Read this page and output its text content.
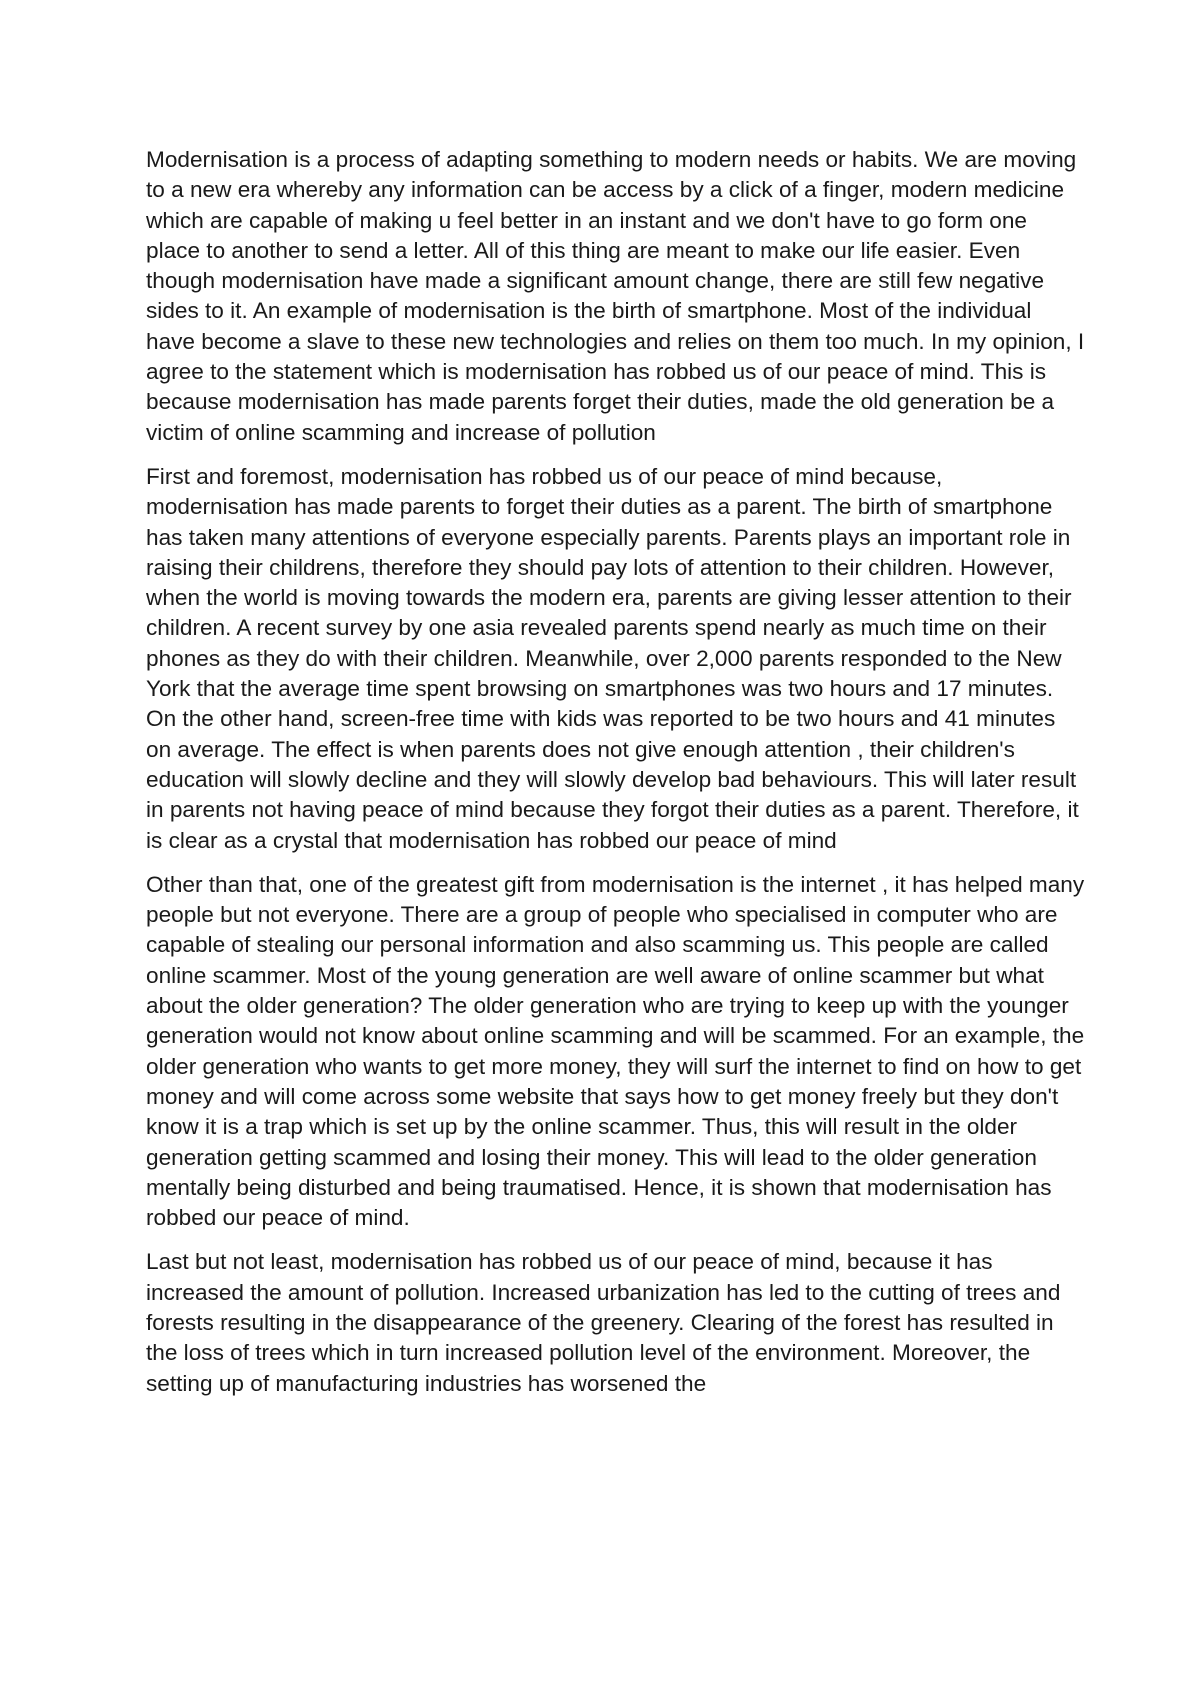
Modernisation is a process of adapting something to modern needs or habits. We are moving to a new era whereby any information can be access by a click of a finger, modern medicine which are capable of making u feel better in an instant and we don't have to go form one place to another to send a letter. All of this thing are meant to make our life easier. Even though modernisation have made a significant amount change, there are still few negative sides to it. An example of modernisation is the birth of smartphone. Most of the individual have become a slave to these new technologies and relies on them too much. In my opinion, I agree to the statement which is modernisation has robbed us of our peace of mind. This is because modernisation has made parents forget their duties, made the old generation be a victim of online scamming and increase of pollution

First and foremost, modernisation has robbed us of our peace of mind because, modernisation has made parents to forget their duties as a parent. The birth of smartphone has taken many attentions of everyone especially parents. Parents plays an important role in raising their childrens, therefore they should pay lots of attention to their children. However, when the world is moving towards the modern era, parents are giving lesser attention to their children. A recent survey by one asia revealed parents spend nearly as much time on their phones as they do with their children. Meanwhile, over 2,000 parents responded to the New York that the average time spent browsing on smartphones was two hours and 17 minutes. On the other hand, screen-free time with kids was reported to be two hours and 41 minutes on average. The effect is when parents does not give enough attention , their children's education will slowly decline and they will slowly develop bad behaviours. This will later result in parents not having peace of mind because they forgot their duties as a parent. Therefore, it is clear as a crystal that modernisation has robbed our peace of mind

Other than that, one of the greatest gift from modernisation is the internet , it has helped many people but not everyone. There are a group of people who specialised in computer who are capable of stealing our personal information and also scamming us. This people are called online scammer. Most of the young generation are well aware of online scammer but what about the older generation? The older generation who are trying to keep up with the younger generation would not know about online scamming and will be scammed. For an example, the older generation who wants to get more money, they will surf the internet to find on how to get money and will come across some website that says how to get money freely but they don't know it is a trap which is set up by the online scammer. Thus, this will result in the older generation getting scammed and losing their money. This will lead to the older generation mentally being disturbed and being traumatised. Hence, it is shown that modernisation has robbed our peace of mind.

Last but not least, modernisation has robbed us of our peace of mind, because it has increased the amount of pollution. Increased urbanization has led to the cutting of trees and forests resulting in the disappearance of the greenery. Clearing of the forest has resulted in the loss of trees which in turn increased pollution level of the environment. Moreover, the setting up of manufacturing industries has worsened the
